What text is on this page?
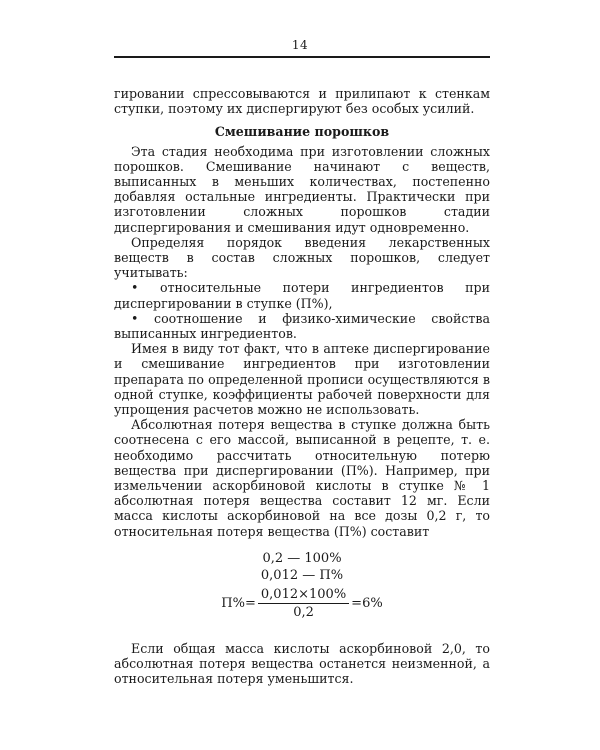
14

гировании спрессовываются и прилипают к стенкам ступки, поэтому их диспергируют без особых усилий.

Смешивание порошков

Эта стадия необходима при изготовлении сложных порошков. Смешивание начинают с веществ, выписанных в меньших количествах, постепенно добавляя остальные ингредиенты. Практически при изготовлении сложных порошков стадии диспергирования и смешивания идут одновременно.

Определяя порядок введения лекарственных веществ в состав сложных порошков, следует учитывать:

• относительные потери ингредиентов при диспергировании в ступке (П%),

• соотношение и физико-химические свойства выписанных ингредиентов.

Имея в виду тот факт, что в аптеке диспергирование и смешивание ингредиентов при изготовлении препарата по определенной прописи осуществляются в одной ступке, коэффициенты рабочей поверхности для упрощения расчетов можно не использовать.

Абсолютная потеря вещества в ступке должна быть соотнесена с его массой, выписанной в рецепте, т. е. необходимо рассчитать относительную потерю вещества при диспергировании (П%). Например, при измельчении аскорбиновой кислоты в ступке № 1 абсолютная потеря вещества составит 12 мг. Если масса кислоты аскорбиновой на все дозы 0,2 г, то относительная потеря вещества (П%) составит

0,2 — 100%
0,012 — П%
$П\%= \frac{0,012\times 100\%}{0,2} =6\%$

Если общая масса кислоты аскорбиновой 2,0, то абсолютная потеря вещества останется неизменной, а относительная потеря уменьшится.
